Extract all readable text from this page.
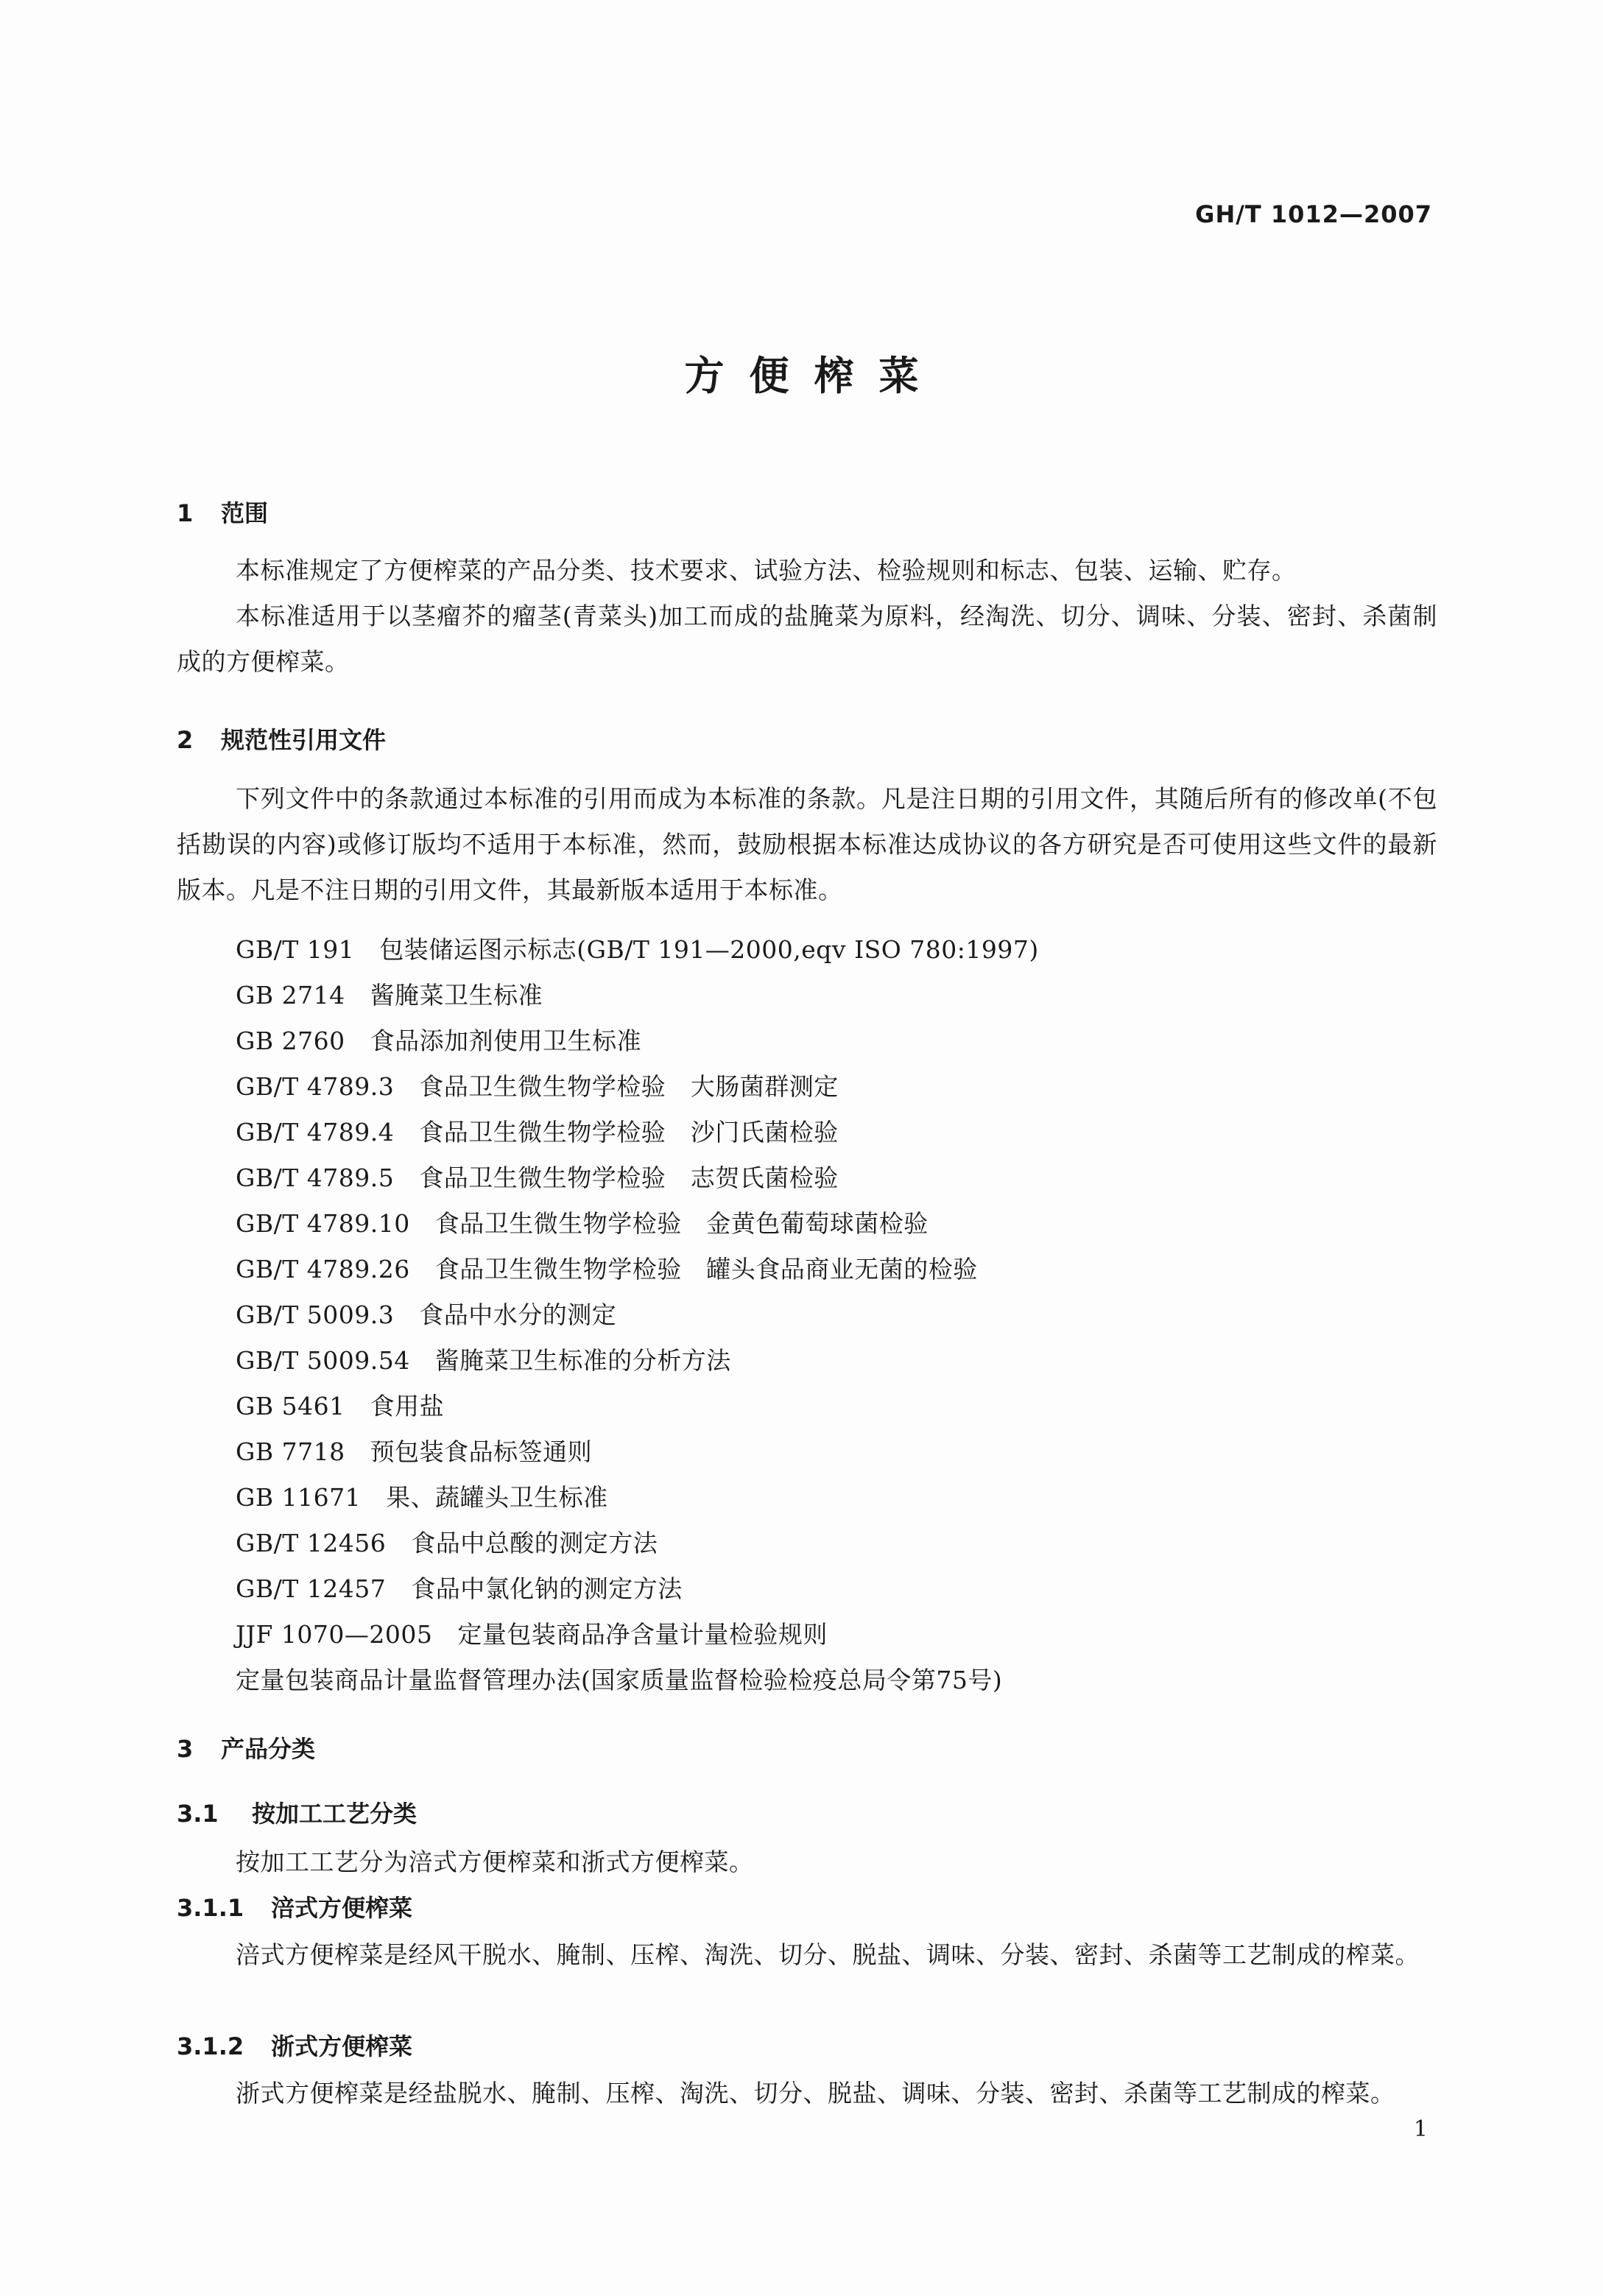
GH/T 1012—2007
方便榨菜
1 范围
本标准规定了方便榨菜的产品分类、技术要求、试验方法、检验规则和标志、包装、运输、贮存。
本标准适用于以茎瘤芥的瘤茎(青菜头)加工而成的盐腌菜为原料，经淘洗、切分、调味、分装、密封、杀菌制成的方便榨菜。
2 规范性引用文件
下列文件中的条款通过本标准的引用而成为本标准的条款。凡是注日期的引用文件，其随后所有的修改单(不包括勘误的内容)或修订版均不适用于本标准，然而，鼓励根据本标准达成协议的各方研究是否可使用这些文件的最新版本。凡是不注日期的引用文件，其最新版本适用于本标准。
GB/T 191 包装储运图示标志(GB/T 191—2000,eqv ISO 780:1997)
GB 2714 酱腌菜卫生标准
GB 2760 食品添加剂使用卫生标准
GB/T 4789.3 食品卫生微生物学检验　大肠菌群测定
GB/T 4789.4 食品卫生微生物学检验　沙门氏菌检验
GB/T 4789.5 食品卫生微生物学检验　志贺氏菌检验
GB/T 4789.10 食品卫生微生物学检验　金黄色葡萄球菌检验
GB/T 4789.26 食品卫生微生物学检验　罐头食品商业无菌的检验
GB/T 5009.3 食品中水分的测定
GB/T 5009.54 酱腌菜卫生标准的分析方法
GB 5461 食用盐
GB 7718 预包装食品标签通则
GB 11671 果、蔬罐头卫生标准
GB/T 12456 食品中总酸的测定方法
GB/T 12457 食品中氯化钠的测定方法
JJF 1070—2005 定量包装商品净含量计量检验规则
定量包装商品计量监督管理办法(国家质量监督检验检疫总局令第75号)
3 产品分类
3.1 按加工工艺分类
按加工工艺分为涪式方便榨菜和浙式方便榨菜。
3.1.1 涪式方便榨菜
涪式方便榨菜是经风干脱水、腌制、压榨、淘洗、切分、脱盐、调味、分装、密封、杀菌等工艺制成的榨菜。
3.1.2 浙式方便榨菜
浙式方便榨菜是经盐脱水、腌制、压榨、淘洗、切分、脱盐、调味、分装、密封、杀菌等工艺制成的榨菜。
1
